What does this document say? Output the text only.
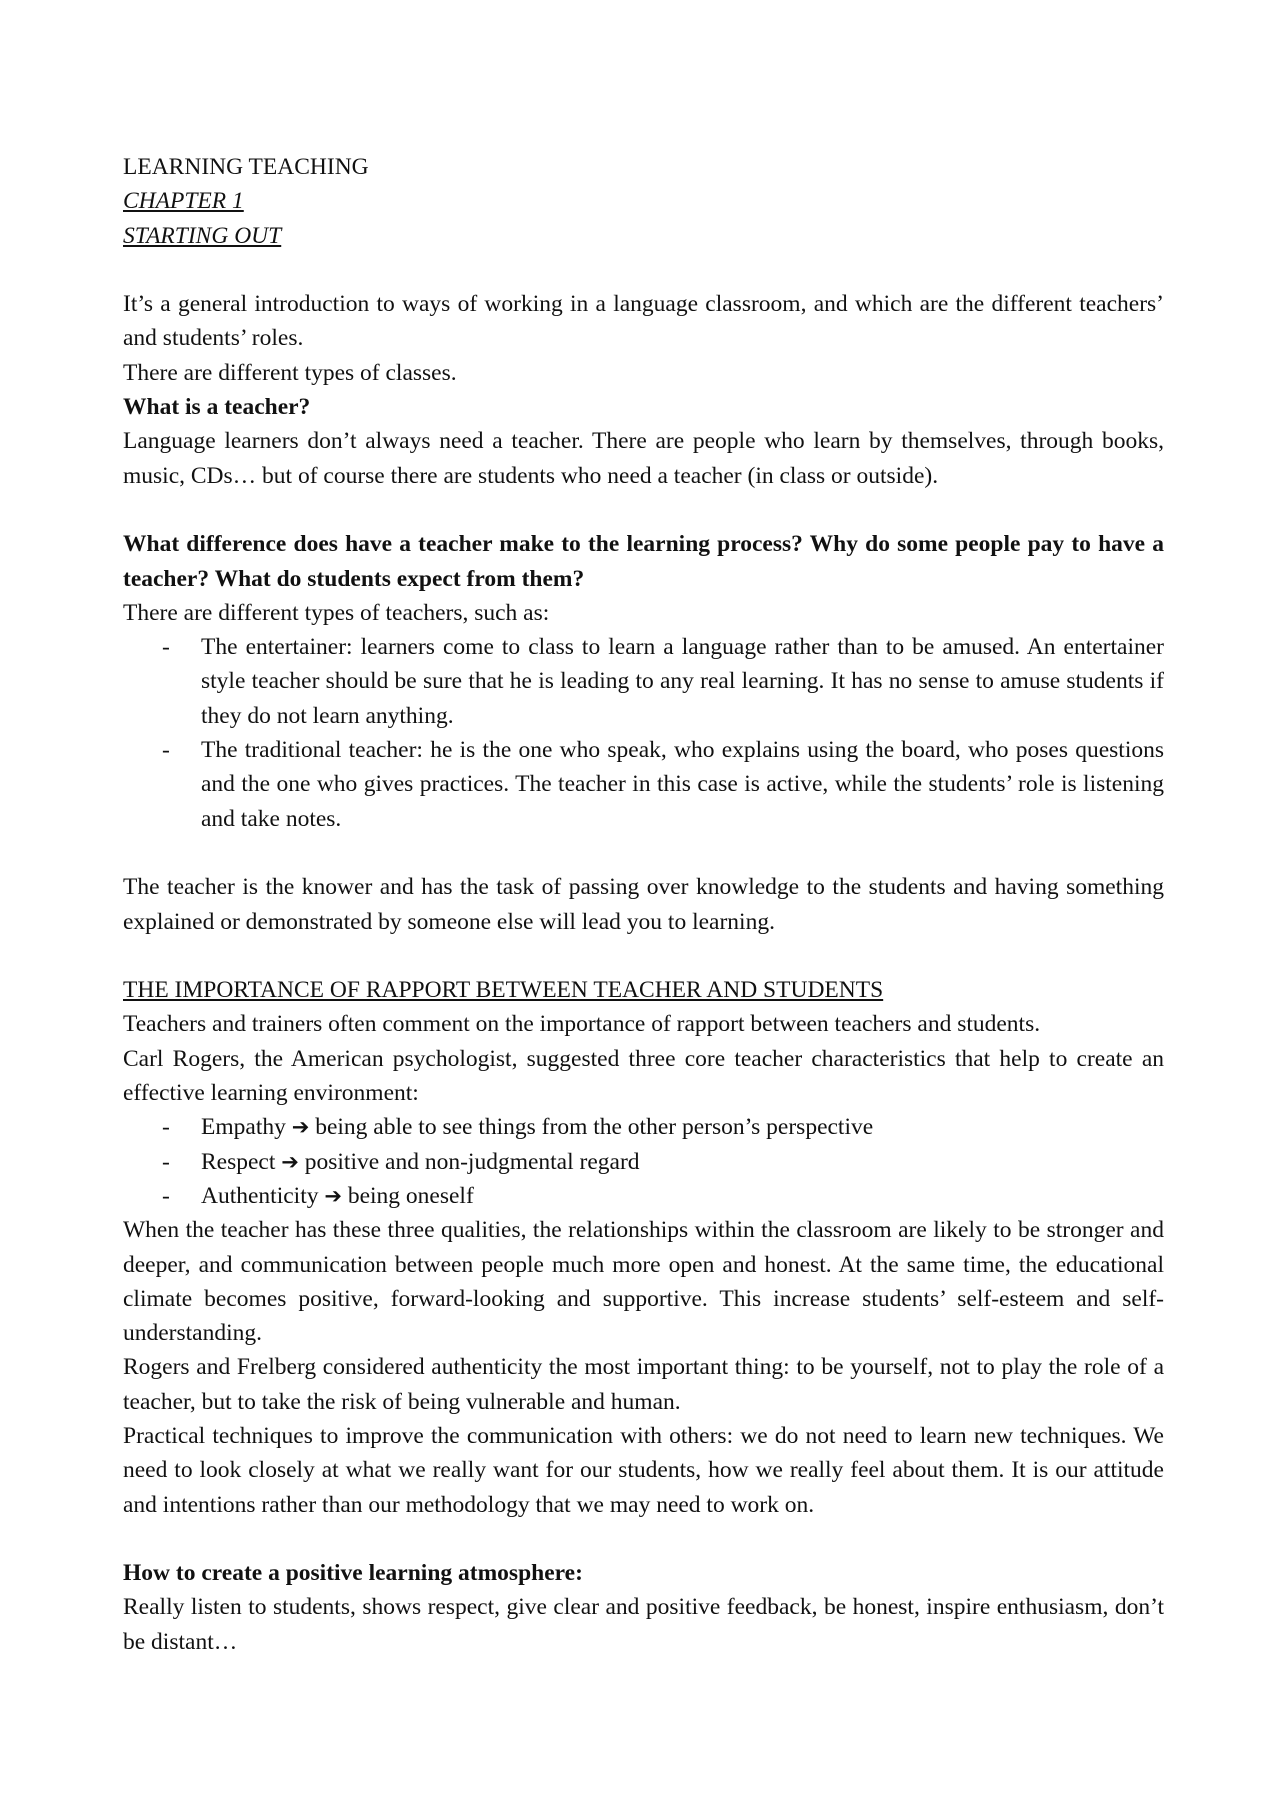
LEARNING TEACHING

CHAPTER 1

STARTING OUT

It’s a general introduction to ways of working in a language classroom, and which are the different teachers’ and students’ roles.

There are different types of classes.

What is a teacher?

Language learners don’t always need a teacher. There are people who learn by themselves, through books, music, CDs… but of course there are students who need a teacher (in class or outside).

What difference does have a teacher make to the learning process? Why do some people pay to have a teacher? What do students expect from them?

There are different types of teachers, such as:

- The entertainer: learners come to class to learn a language rather than to be amused. An entertainer style teacher should be sure that he is leading to any real learning. It has no sense to amuse students if they do not learn anything.
- The traditional teacher: he is the one who speak, who explains using the board, who poses questions and the one who gives practices. The teacher in this case is active, while the students’ role is listening and take notes.

The teacher is the knower and has the task of passing over knowledge to the students and having something explained or demonstrated by someone else will lead you to learning.

THE IMPORTANCE OF RAPPORT BETWEEN TEACHER AND STUDENTS

Teachers and trainers often comment on the importance of rapport between teachers and students.

Carl Rogers, the American psychologist, suggested three core teacher characteristics that help to create an effective learning environment:

- Empathy ➔ being able to see things from the other person’s perspective
- Respect ➔ positive and non-judgmental regard
- Authenticity ➔ being oneself

When the teacher has these three qualities, the relationships within the classroom are likely to be stronger and deeper, and communication between people much more open and honest. At the same time, the educational climate becomes positive, forward-looking and supportive. This increase students’ self-esteem and self-understanding.

Rogers and Frelberg considered authenticity the most important thing: to be yourself, not to play the role of a teacher, but to take the risk of being vulnerable and human.

Practical techniques to improve the communication with others: we do not need to learn new techniques. We need to look closely at what we really want for our students, how we really feel about them. It is our attitude and intentions rather than our methodology that we may need to work on.

How to create a positive learning atmosphere:

Really listen to students, shows respect, give clear and positive feedback, be honest, inspire enthusiasm, don’t be distant…
